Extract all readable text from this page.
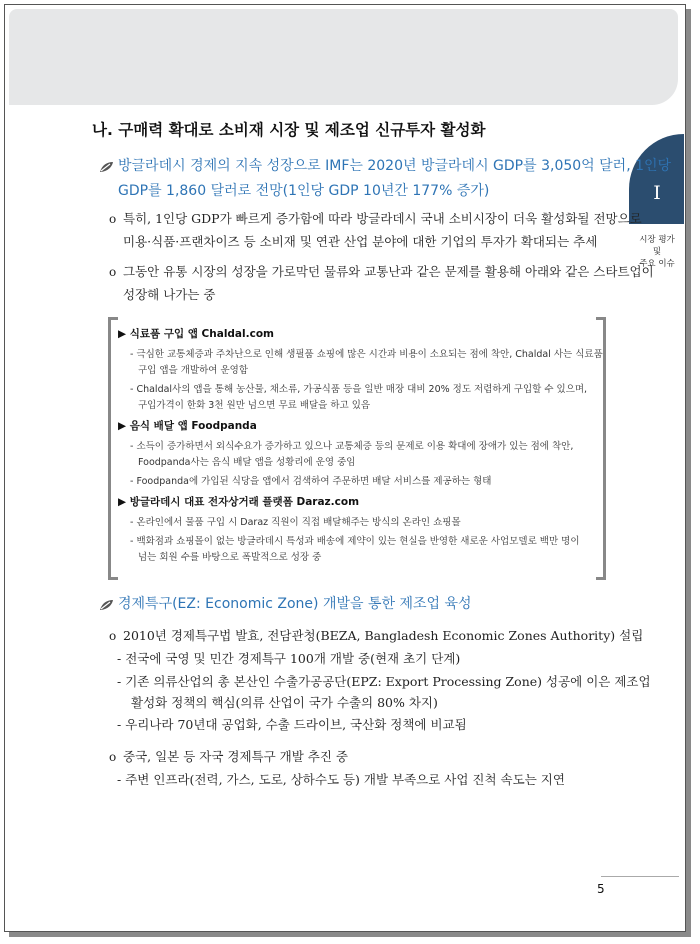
I
시장 평가
및
주요 이슈
나. 구매력 확대로 소비재 시장 및 제조업 신규투자 활성화
방글라데시 경제의 지속 성장으로 IMF는 2020년 방글라데시 GDP를 3,050억 달러, 1인당
GDP를 1,860 달러로 전망(1인당 GDP 10년간 177% 증가)
o 특히, 1인당 GDP가 빠르게 증가함에 따라 방글라데시 국내 소비시장이 더욱 활성화될 전망으로
미용·식품·프랜차이즈 등 소비재 및 연관 산업 분야에 대한 기업의 투자가 확대되는 추세
o 그동안 유통 시장의 성장을 가로막던 물류와 교통난과 같은 문제를 활용해 아래와 같은 스타트업이
성장해 나가는 중
▶ 식료품 구입 앱 Chaldal.com
- 극심한 교통체증과 주차난으로 인해 생필품 쇼핑에 많은 시간과 비용이 소요되는 점에 착안, Chaldal 사는 식료품
구입 앱을 개발하여 운영함
- Chaldal사의 앱을 통해 농산물, 채소류, 가공식품 등을 일반 매장 대비 20% 정도 저렴하게 구입할 수 있으며,
구입가격이 한화 3천 원만 넘으면 무료 배달을 하고 있음
▶ 음식 배달 앱 Foodpanda
- 소득이 증가하면서 외식수요가 증가하고 있으나 교통체증 등의 문제로 이용 확대에 장애가 있는 점에 착안,
Foodpanda사는 음식 배달 앱을 성황리에 운영 중임
- Foodpanda에 가입된 식당을 앱에서 검색하여 주문하면 배달 서비스를 제공하는 형태
▶ 방글라데시 대표 전자상거래 플랫폼 Daraz.com
- 온라인에서 물품 구입 시 Daraz 직원이 직접 배달해주는 방식의 온라인 쇼핑몰
- 백화점과 쇼핑몰이 없는 방글라데시 특성과 배송에 제약이 있는 현실을 반영한 새로운 사업모델로 백만 명이
넘는 회원 수를 바탕으로 폭발적으로 성장 중
경제특구(EZ: Economic Zone) 개발을 통한 제조업 육성
o 2010년 경제특구법 발효, 전담관청(BEZA, Bangladesh Economic Zones Authority) 설립
- 전국에 국영 및 민간 경제특구 100개 개발 중(현재 초기 단계)
- 기존 의류산업의 총 본산인 수출가공공단(EPZ: Export Processing Zone) 성공에 이은 제조업
활성화 정책의 핵심(의류 산업이 국가 수출의 80% 차지)
- 우리나라 70년대 공업화, 수출 드라이브, 국산화 정책에 비교됨
o 중국, 일본 등 자국 경제특구 개발 추진 중
- 주변 인프라(전력, 가스, 도로, 상하수도 등) 개발 부족으로 사업 진척 속도는 지연
5
